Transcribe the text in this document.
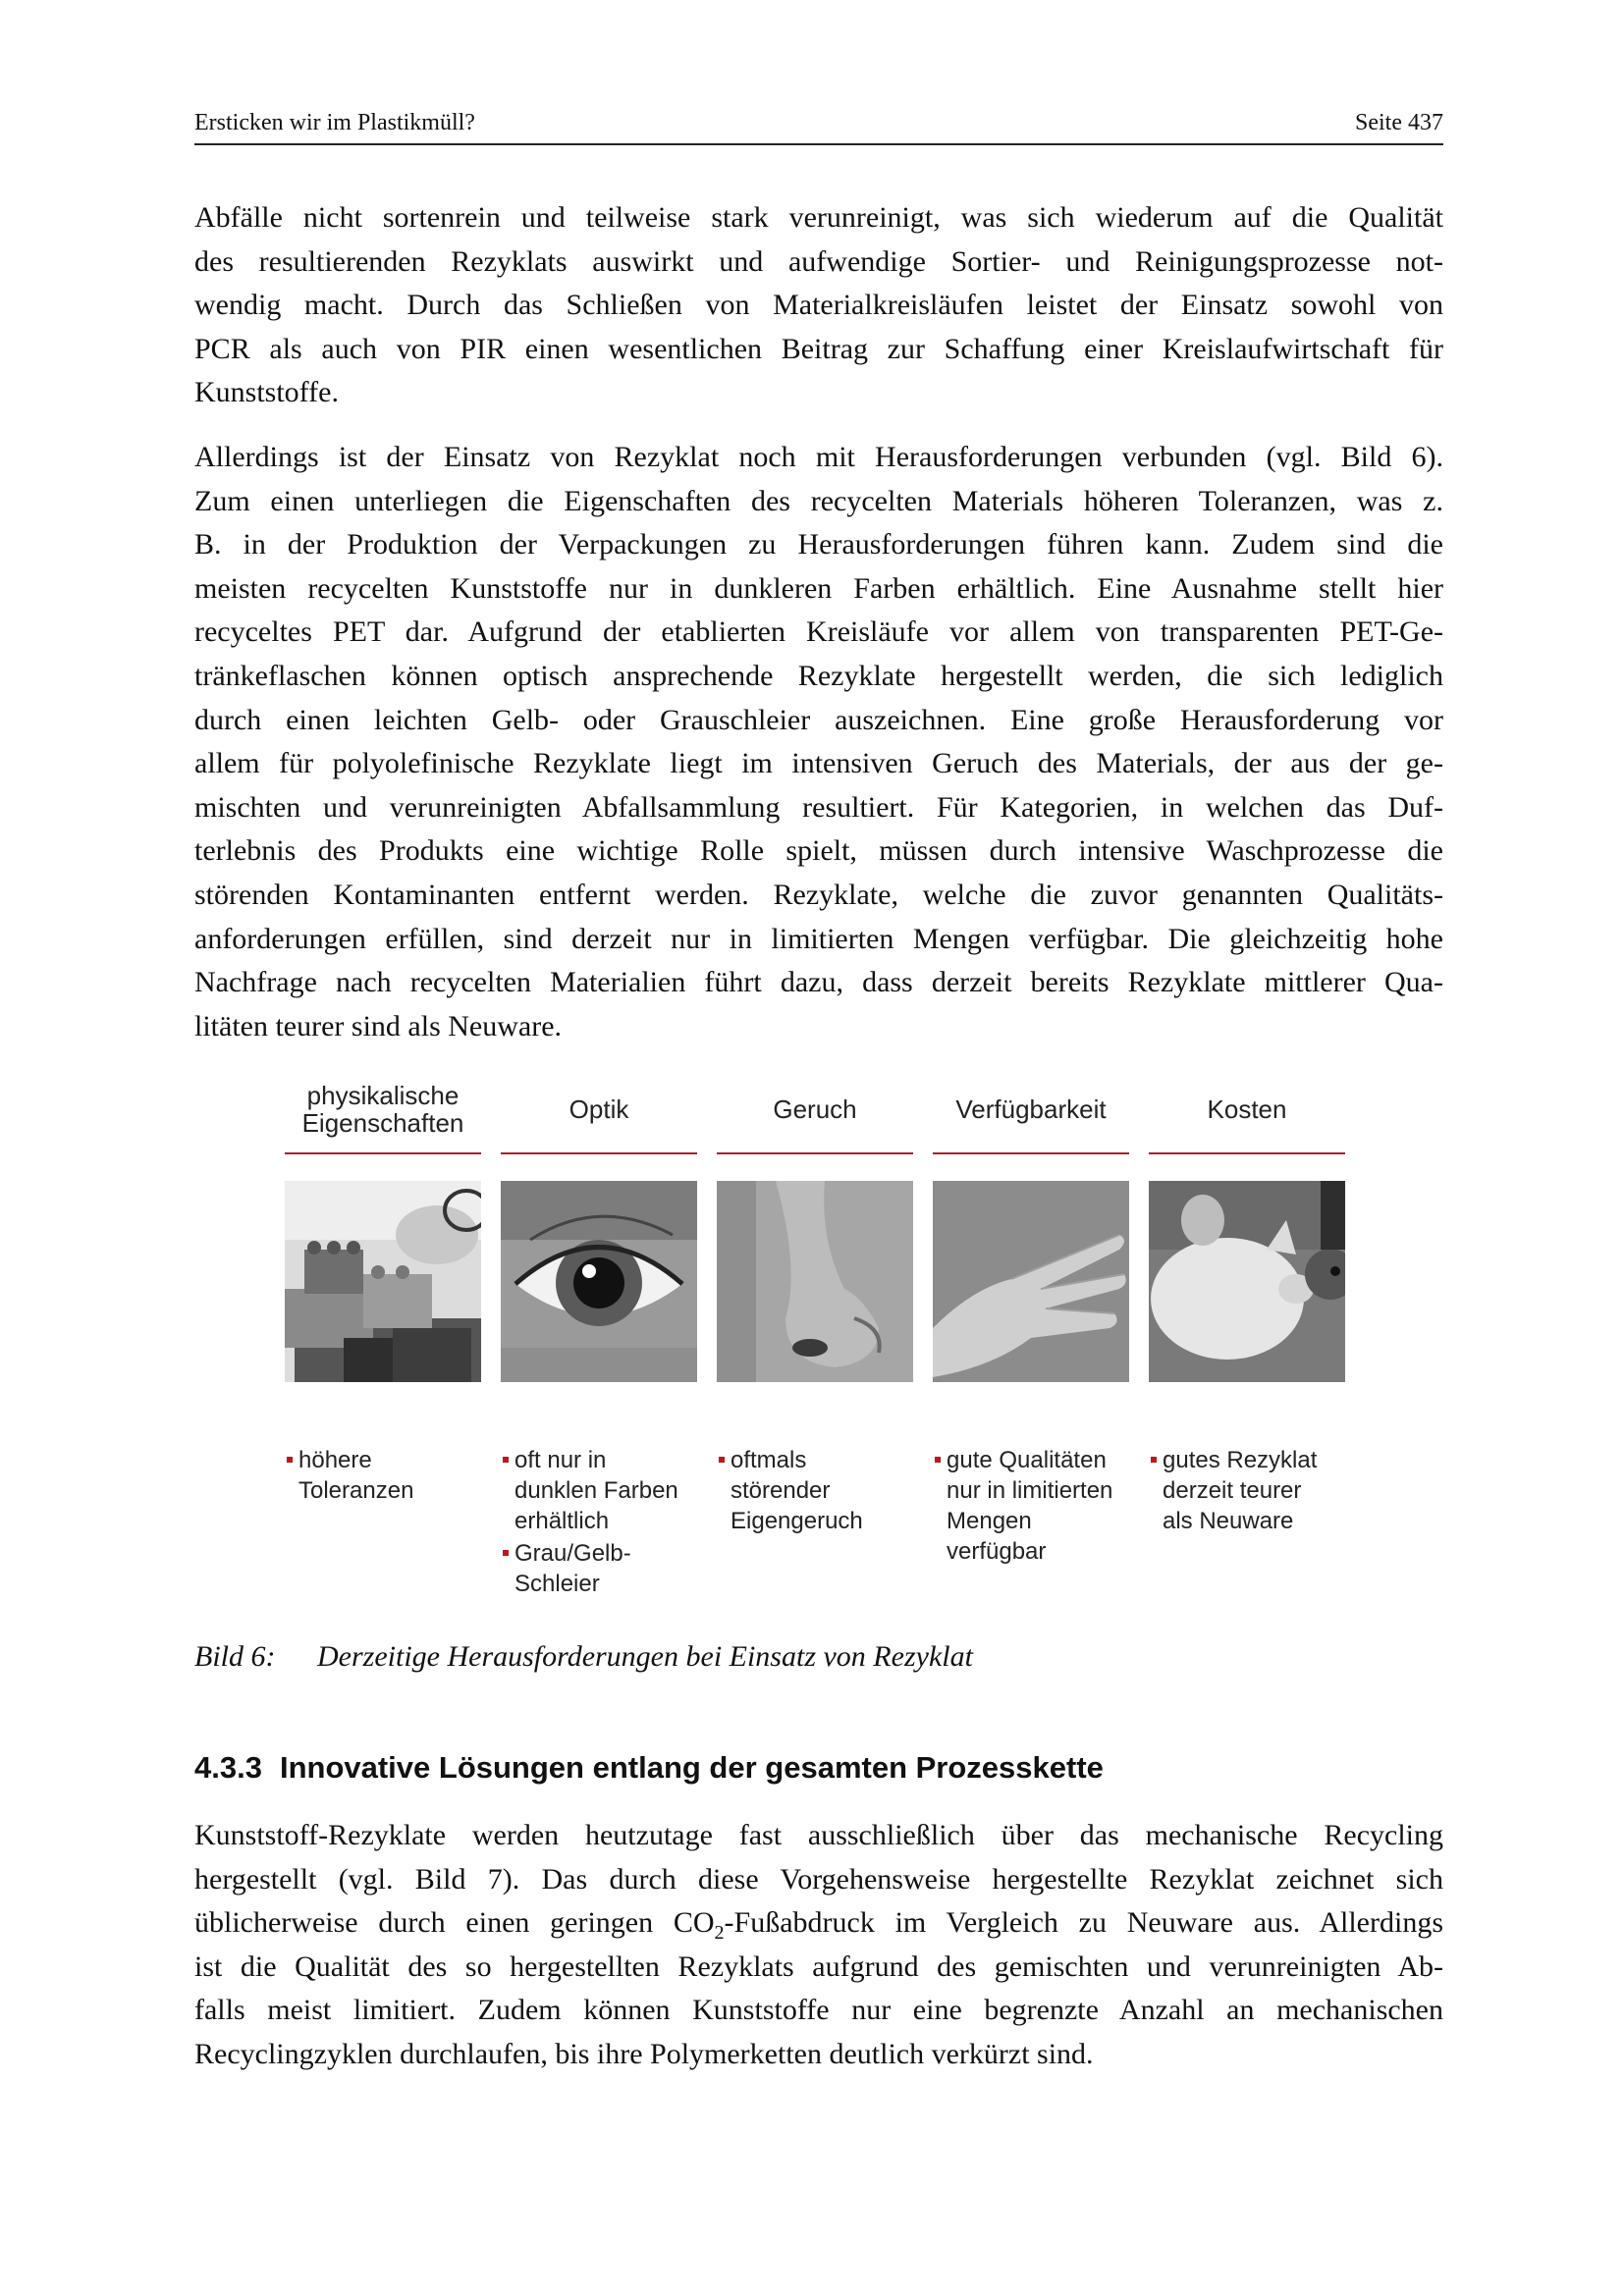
Ersticken wir im Plastikmüll?	Seite 437
Abfälle nicht sortenrein und teilweise stark verunreinigt, was sich wiederum auf die Qualität
des resultierenden Rezyklats auswirkt und aufwendige Sortier- und Reinigungsprozesse not-
wendig macht. Durch das Schließen von Materialkreisläufen leistet der Einsatz sowohl von
PCR als auch von PIR einen wesentlichen Beitrag zur Schaffung einer Kreislaufwirtschaft für
Kunststoffe.
Allerdings ist der Einsatz von Rezyklat noch mit Herausforderungen verbunden (vgl. Bild 6).
Zum einen unterliegen die Eigenschaften des recycelten Materials höheren Toleranzen, was z.
B. in der Produktion der Verpackungen zu Herausforderungen führen kann. Zudem sind die
meisten recycelten Kunststoffe nur in dunkleren Farben erhältlich. Eine Ausnahme stellt hier
recyceltes PET dar. Aufgrund der etablierten Kreisläufe vor allem von transparenten PET-Ge-
tränkeflaschen können optisch ansprechende Rezyklate hergestellt werden, die sich lediglich
durch einen leichten Gelb- oder Grauschleier auszeichnen. Eine große Herausforderung vor
allem für polyolefinische Rezyklate liegt im intensiven Geruch des Materials, der aus der ge-
mischten und verunreinigten Abfallsammlung resultiert. Für Kategorien, in welchen das Duf-
terlebnis des Produkts eine wichtige Rolle spielt, müssen durch intensive Waschprozesse die
störenden Kontaminanten entfernt werden. Rezyklate, welche die zuvor genannten Qualitäts-
anforderungen erfüllen, sind derzeit nur in limitierten Mengen verfügbar. Die gleichzeitig hohe
Nachfrage nach recycelten Materialien führt dazu, dass derzeit bereits Rezyklate mittlerer Qua-
litäten teurer sind als Neuware.
physikalische
Eigenschaften
höhere
Toleranzen
Optik
oft nur in
dunklen Farben
erhältlich
Grau/Gelb-
Schleier
Geruch
oftmals
störender
Eigengeruch
Verfügbarkeit
gute Qualitäten
nur in limitierten
Mengen
verfügbar
Kosten
gutes Rezyklat
derzeit teurer
als Neuware
Bild 6: Derzeitige Herausforderungen bei Einsatz von Rezyklat
4.3.3 Innovative Lösungen entlang der gesamten Prozesskette
Kunststoff-Rezyklate werden heutzutage fast ausschließlich über das mechanische Recycling
hergestellt (vgl. Bild 7). Das durch diese Vorgehensweise hergestellte Rezyklat zeichnet sich
üblicherweise durch einen geringen $CO_2$-Fußabdruck im Vergleich zu Neuware aus. Allerdings
ist die Qualität des so hergestellten Rezyklats aufgrund des gemischten und verunreinigten Ab-
falls meist limitiert. Zudem können Kunststoffe nur eine begrenzte Anzahl an mechanischen
Recyclingzyklen durchlaufen, bis ihre Polymerketten deutlich verkürzt sind.
